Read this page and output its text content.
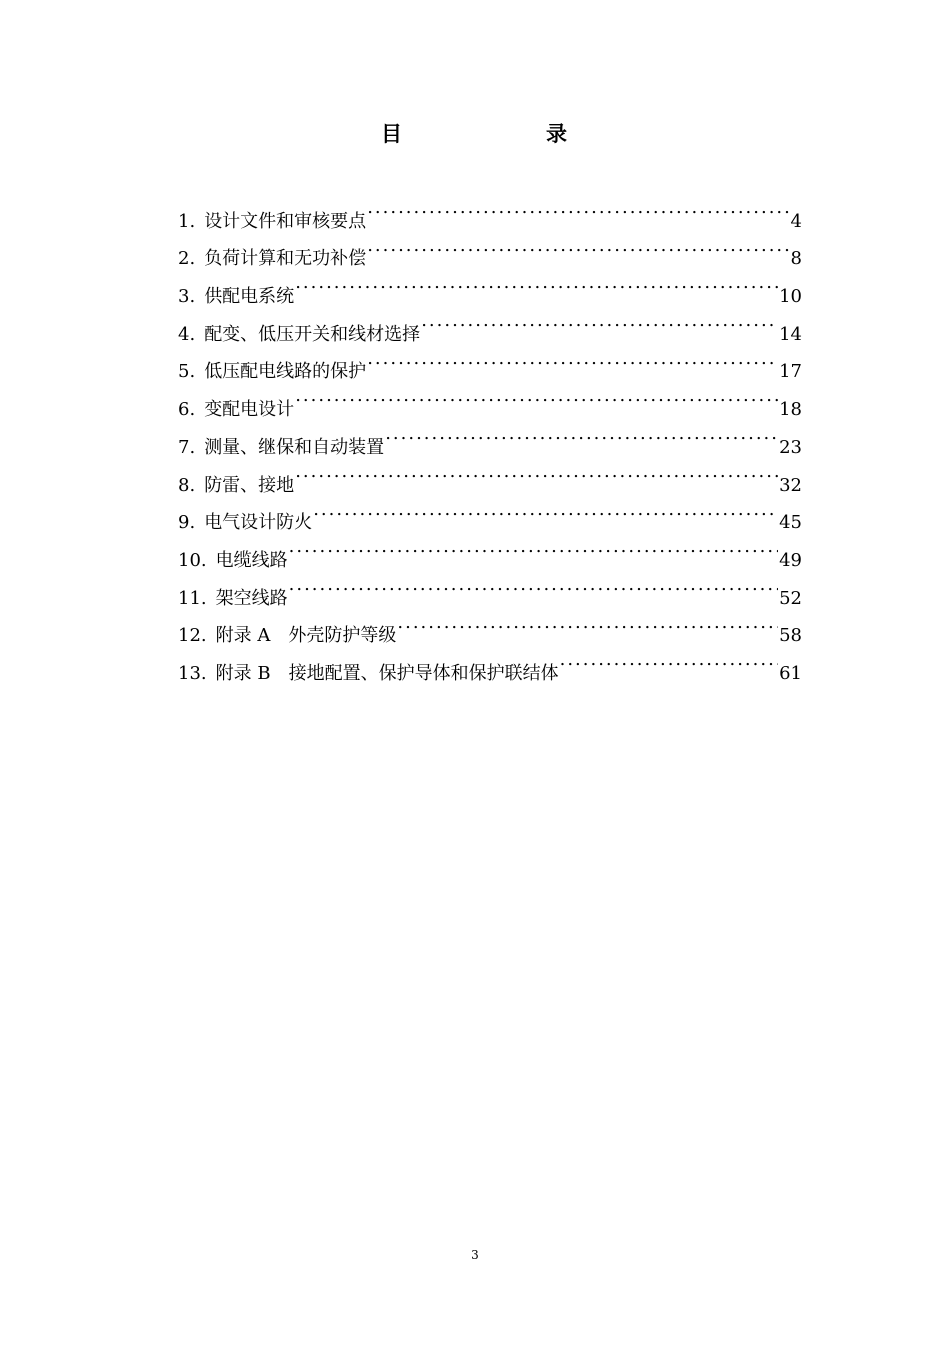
目	录
1. 设计文件和审核要点 .....	4
2. 负荷计算和无功补偿 .....	8
3. 供配电系统 .....	10
4. 配变、低压开关和线材选择 .....	14
5. 低压配电线路的保护 .....	17
6. 变配电设计 .....	18
7. 测量、继保和自动装置 .....	23
8. 防雷、接地 .....	32
9. 电气设计防火 .....	45
10. 电缆线路 .....	49
11. 架空线路 .....	52
12. 附录 A　外壳防护等级 .....	58
13. 附录 B　接地配置、保护导体和保护联结体 .....	61
3
